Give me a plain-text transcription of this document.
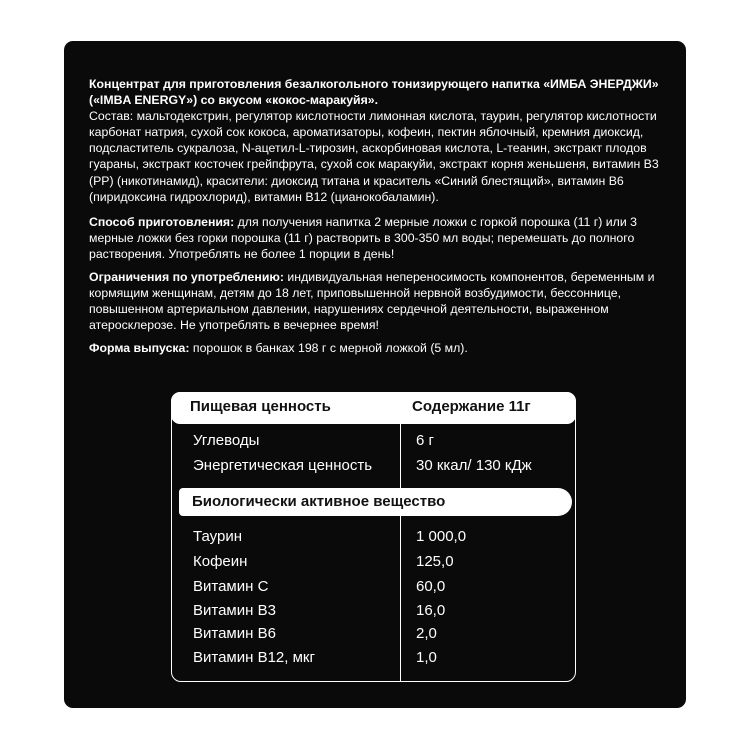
Концентрат для приготовления безалкогольного тонизирующего напитка «ИМБА ЭНЕРДЖИ» («IMBA ENERGY») со вкусом «кокос-маракуйя».
Состав: мальтодекстрин, регулятор кислотности лимонная кислота, таурин, регулятор кислотности карбонат натрия, сухой сок кокоса, ароматизаторы, кофеин, пектин яблочный, кремния диоксид, подсластитель сукралоза, N-ацетил-L-тирозин, аскорбиновая кислота, L-теанин, экстракт плодов гуараны, экстракт косточек грейпфрута, сухой сок маракуйи, экстракт корня женьшеня, витамин B3 (PP) (никотинамид), красители: диоксид титана и краситель «Синий блестящий», витамин B6 (пиридоксина гидрохлорид), витамин B12 (цианокобаламин).

Способ приготовления: для получения напитка 2 мерные ложки с горкой порошка (11 г) или 3 мерные ложки без горки порошка (11 г) растворить в 300-350 мл воды; перемешать до полного растворения. Употреблять не более 1 порции в день!

Ограничения по употреблению: индивидуальная непереносимость компонентов, беременным и кормящим женщинам, детям до 18 лет, приповышенной нервной возбудимости, бессоннице, повышенном артериальном давлении, нарушениях сердечной деятельности, выраженном атеросклерозе. Не употреблять в вечернее время!

Форма выпуска: порошок в банках 198 г с мерной ложкой (5 мл).

Пищевая ценность	Содержание 11г
Углеводы	6 г
Энергетическая ценность	30 ккал/ 130 кДж
Биологически активное вещество
Таурин	1 000,0
Кофеин	125,0
Витамин С	60,0
Витамин В3	16,0
Витамин В6	2,0
Витамин В12, мкг	1,0
